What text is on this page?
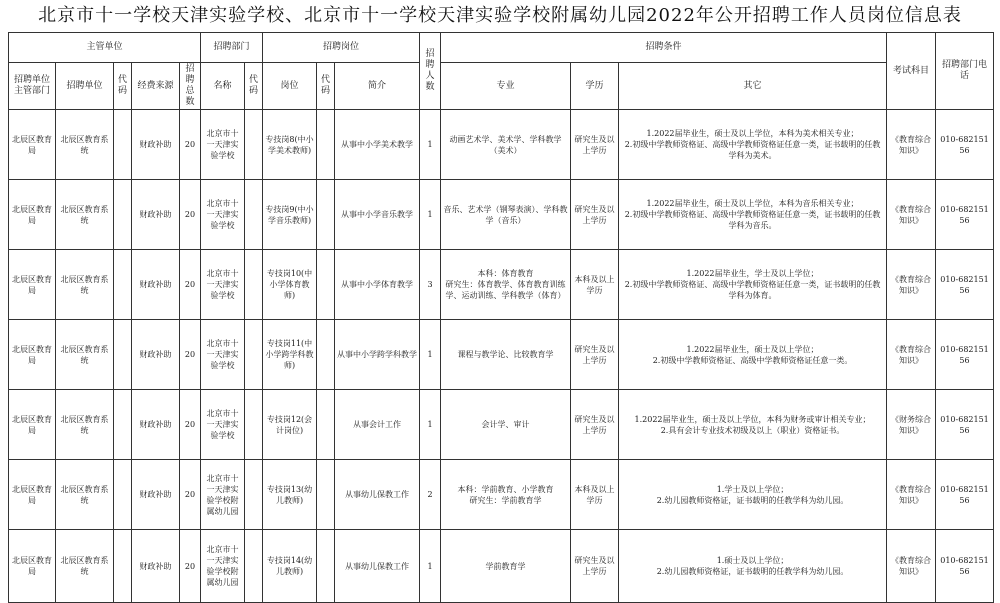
北京市十一学校天津实验学校、北京市十一学校天津实验学校附属幼儿园2022年公开招聘工作人员岗位信息表
主管单位					招聘部门		招聘岗位			招聘人数	招聘条件			考试科目	招聘部门电话
招聘单位主管部门	招聘单位	代码	经费来源	招聘总数	名称	代码	岗位	代码	简介		专业	学历	其它		
北辰区教育局	北辰区教育系统		财政补助	20	北京市十一天津实验学校		专技岗8(中小学美术教师)		从事中小学美术教学	1	动画艺术学、美术学、学科教学（美术）	研究生及以上学历	1.2022届毕业生，硕士及以上学位，本科为美术相关专业；
2.初级中学教师资格证、高级中学教师资格证任意一类，证书载明的任教学科为美术。	《教育综合知识》	010-68215156
北辰区教育局	北辰区教育系统		财政补助	20	北京市十一天津实验学校		专技岗9(中小学音乐教师)		从事中小学音乐教学	1	音乐、艺术学（钢琴表演）、学科教学（音乐）	研究生及以上学历	1.2022届毕业生，硕士及以上学位，本科为音乐相关专业；
2.初级中学教师资格证、高级中学教师资格证任意一类，证书载明的任教学科为音乐。	《教育综合知识》	010-68215156
北辰区教育局	北辰区教育系统		财政补助	20	北京市十一天津实验学校		专技岗10(中小学体育教师)		从事中小学体育教学	3	本科：体育教育
研究生：体育教学、体育教育训练学、运动训练、学科教学（体育）	本科及以上学历	1.2022届毕业生，学士及以上学位；
2.初级中学教师资格证、高级中学教师资格证任意一类，证书载明的任教学科为体育。	《教育综合知识》	010-68215156
北辰区教育局	北辰区教育系统		财政补助	20	北京市十一天津实验学校		专技岗11(中小学跨学科教师)		从事中小学跨学科教学	1	课程与教学论、比较教育学	研究生及以上学历	1.2022届毕业生，硕士及以上学位；
2.初级中学教师资格证、高级中学教师资格证任意一类。	《教育综合知识》	010-68215156
北辰区教育局	北辰区教育系统		财政补助	20	北京市十一天津实验学校		专技岗12(会计岗位)		从事会计工作	1	会计学、审计	研究生及以上学历	1.2022届毕业生，硕士及以上学位，本科为财务或审计相关专业；
2.具有会计专业技术初级及以上（职业）资格证书。	《财务综合知识》	010-68215156
北辰区教育局	北辰区教育系统		财政补助	20	北京市十一天津实验学校附属幼儿园		专技岗13(幼儿教师)		从事幼儿保教工作	2	本科：学前教育、小学教育
研究生：学前教育学	本科及以上学历	1.学士及以上学位；
2.幼儿园教师资格证，证书载明的任教学科为幼儿园。	《教育综合知识》	010-68215156
北辰区教育局	北辰区教育系统		财政补助	20	北京市十一天津实验学校附属幼儿园		专技岗14(幼儿教师)		从事幼儿保教工作	1	学前教育学	研究生及以上学历	1.硕士及以上学位；
2.幼儿园教师资格证，证书载明的任教学科为幼儿园。	《教育综合知识》	010-68215156
